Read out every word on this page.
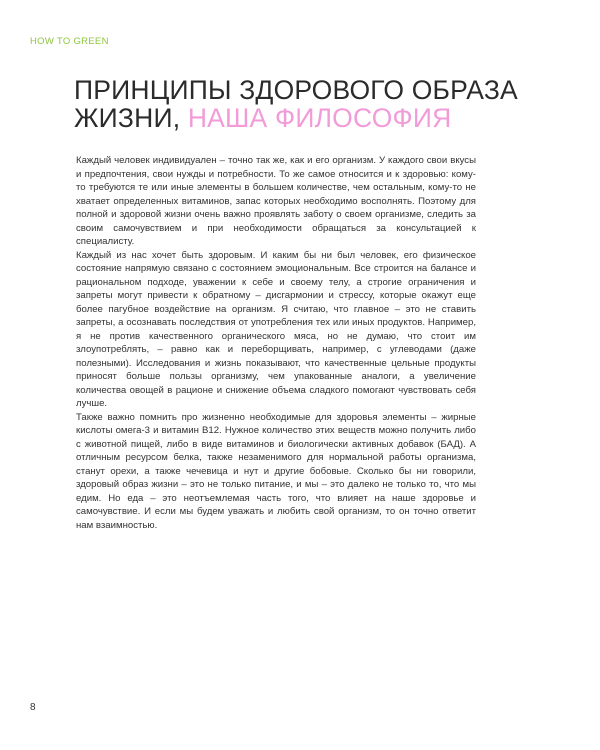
HOW TO GREEN
ПРИНЦИПЫ ЗДОРОВОГО ОБРАЗА
ЖИЗНИ, НАША ФИЛОСОФИЯ

Каждый человек индивидуален – точно так же, как и его организм. У каждого свои вкусы и предпочтения, свои нужды и потребности. То же самое относится и к здоровью: кому-то требуются те или иные элементы в большем количестве, чем остальным, кому-то не хватает определенных витаминов, запас которых необходимо восполнять. Поэтому для полной и здоровой жизни очень важно проявлять заботу о своем организме, следить за своим самочувствием и при необходимости обращаться за консультацией к специалисту.

Каждый из нас хочет быть здоровым. И каким бы ни был человек, его физическое состояние напрямую связано с состоянием эмоциональным. Все строится на балансе и рациональном подходе, уважении к себе и своему телу, а строгие ограничения и запреты могут привести к обратному – дисгармонии и стрессу, которые окажут еще более пагубное воздействие на организм. Я считаю, что главное – это не ставить запреты, а осознавать последствия от употребления тех или иных продуктов. Например, я не против качественного органического мяса, но не думаю, что стоит им злоупотреблять, – равно как и переборщивать, например, с углеводами (даже полезными). Исследования и жизнь показывают, что качественные цельные продукты приносят больше пользы организму, чем упакованные аналоги, а увеличение количества овощей в рационе и снижение объема сладкого помогают чувствовать себя лучше.

Также важно помнить про жизненно необходимые для здоровья элементы – жирные кислоты омега-3 и витамин B12. Нужное количество этих веществ можно получить либо с животной пищей, либо в виде витаминов и биологически активных добавок (БАД). А отличным ресурсом белка, также незаменимого для нормальной работы организма, станут орехи, а также чечевица и нут и другие бобовые. Сколько бы ни говорили, здоровый образ жизни – это не только питание, и мы – это далеко не только то, что мы едим. Но еда – это неотъемлемая часть того, что влияет на наше здоровье и самочувствие. И если мы будем уважать и любить свой организм, то он точно ответит нам взаимностью.

8
